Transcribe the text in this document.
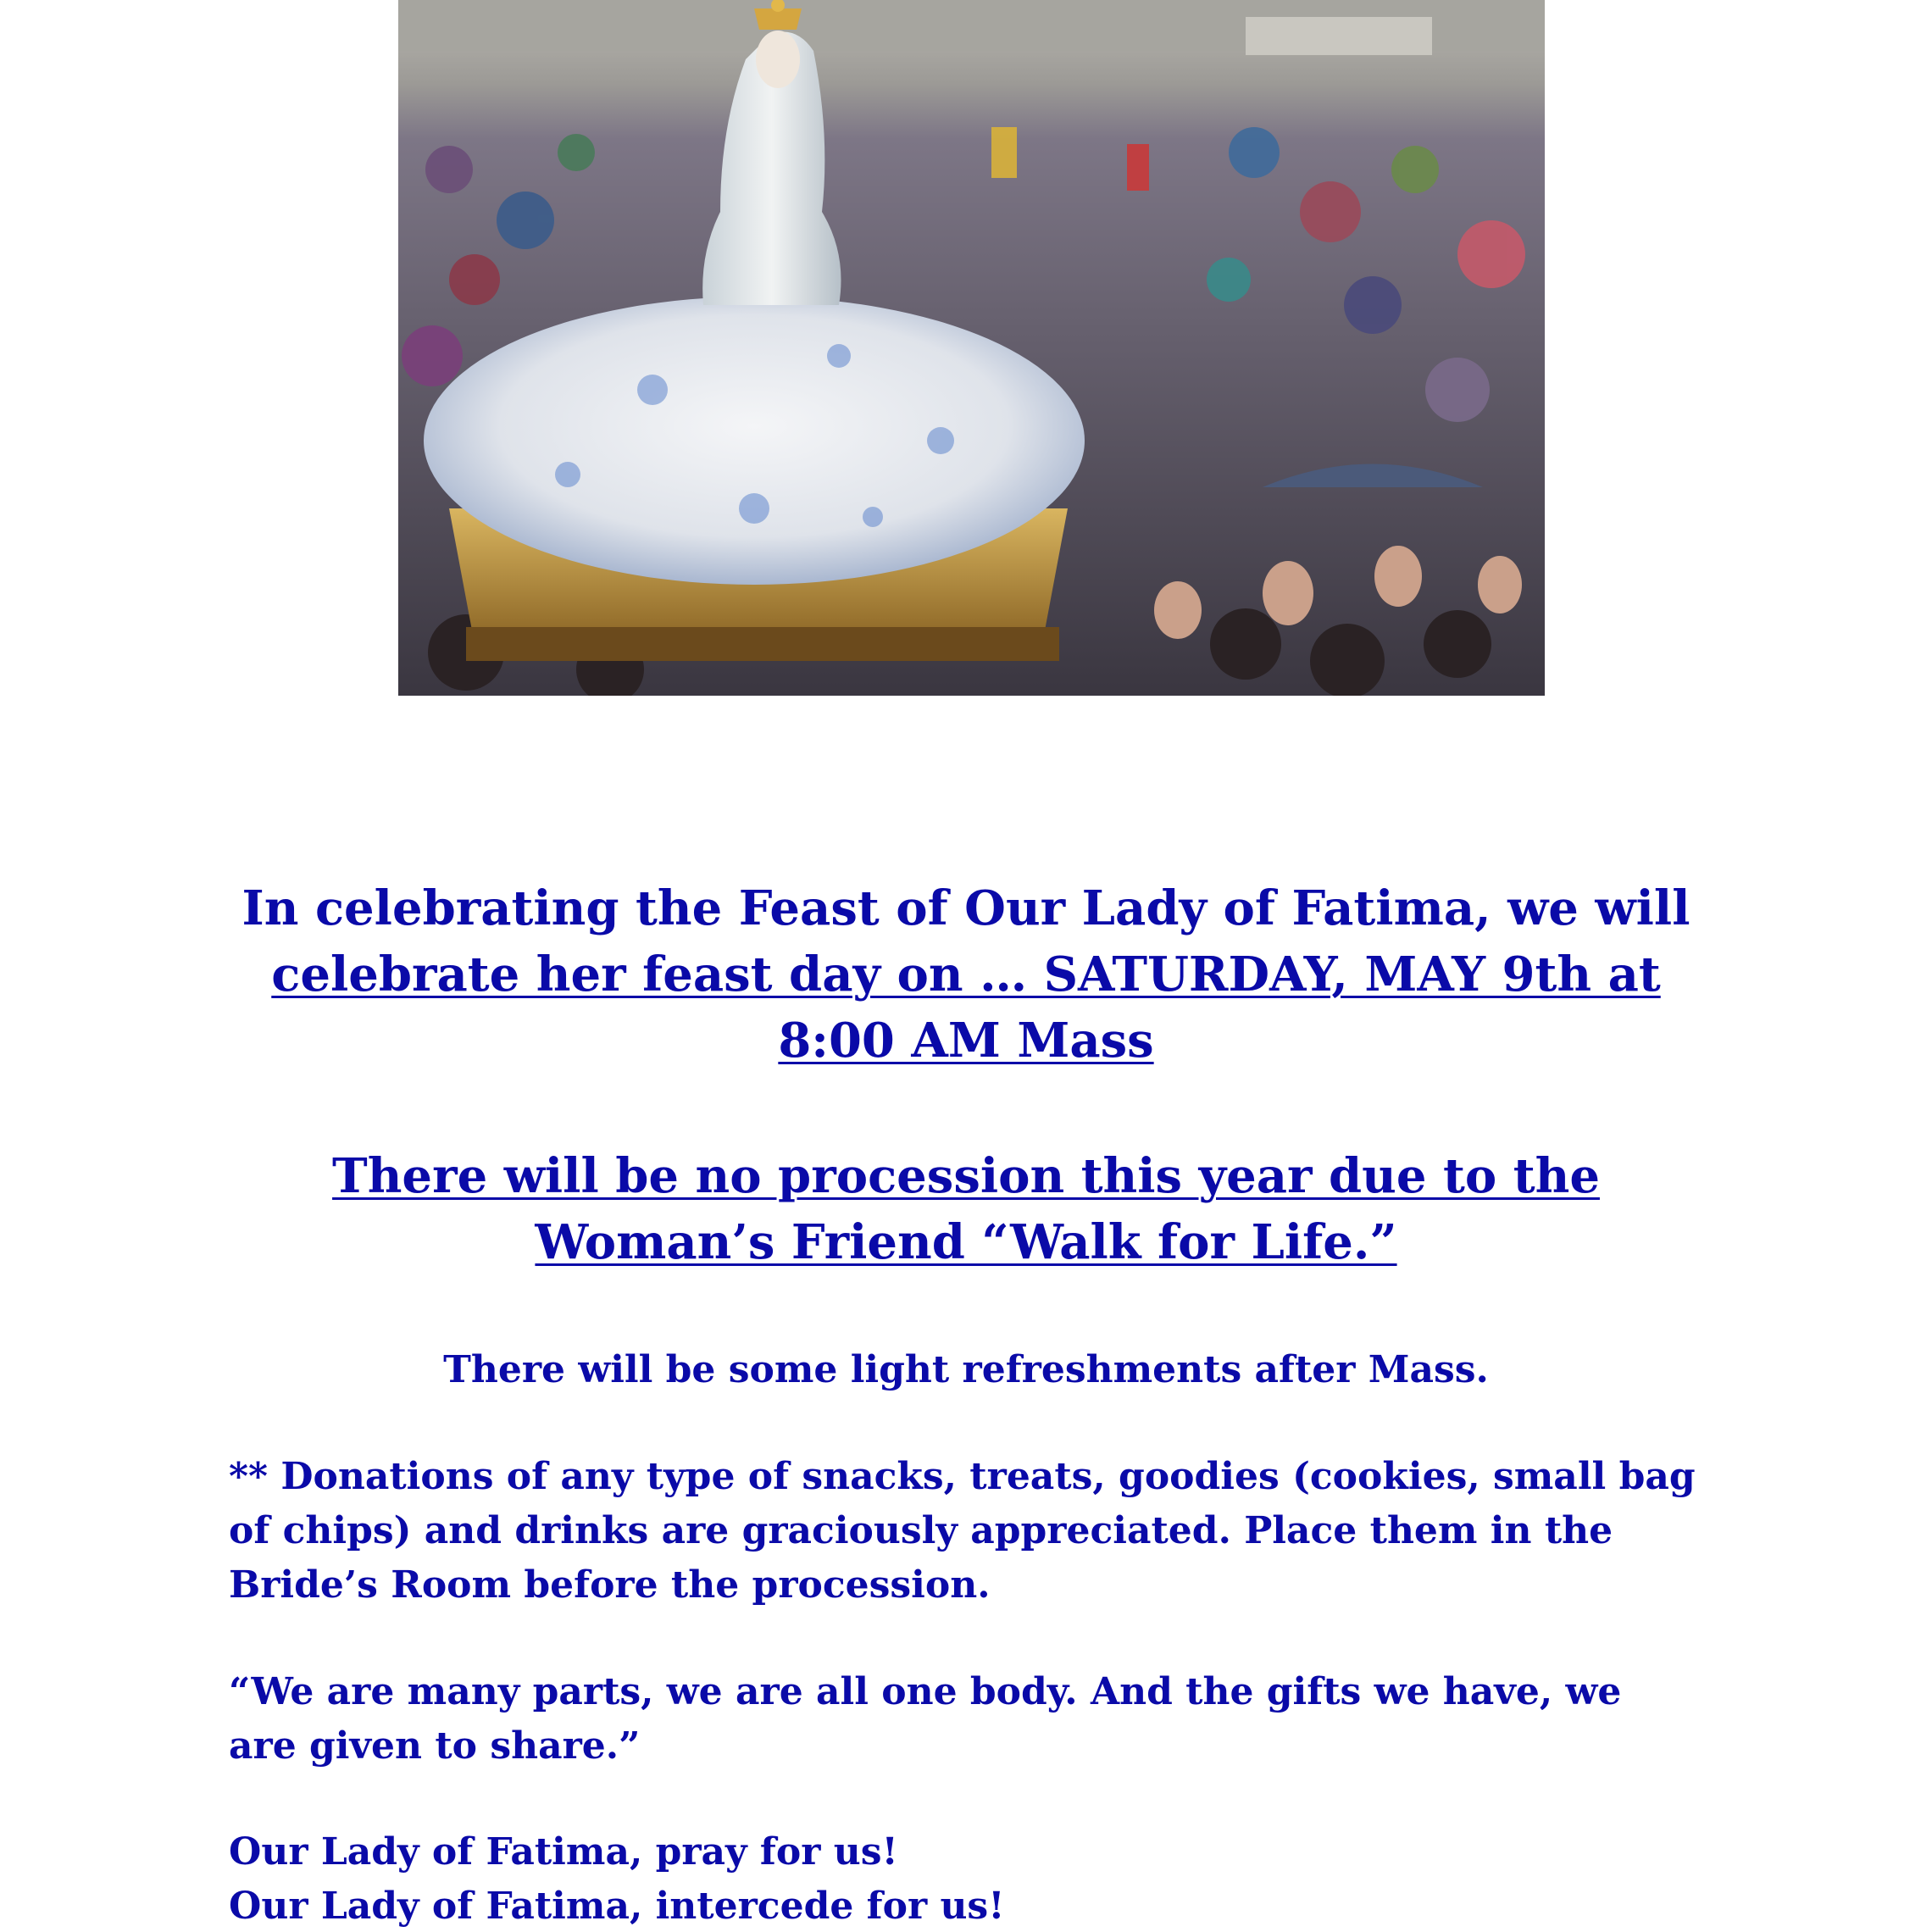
In celebrating the Feast of Our Lady of Fatima, we will
celebrate her feast day on … SATURDAY, MAY 9th at
8:00 AM Mass

There will be no procession this year due to the
Woman’s Friend “Walk for Life.”

There will be some light refreshments after Mass.

** Donations of any type of snacks, treats, goodies (cookies, small bag
of chips) and drinks are graciously appreciated. Place them in the
Bride’s Room before the procession.

“We are many parts, we are all one body. And the gifts we have, we
are given to share.”

Our Lady of Fatima, pray for us!
Our Lady of Fatima, intercede for us!
